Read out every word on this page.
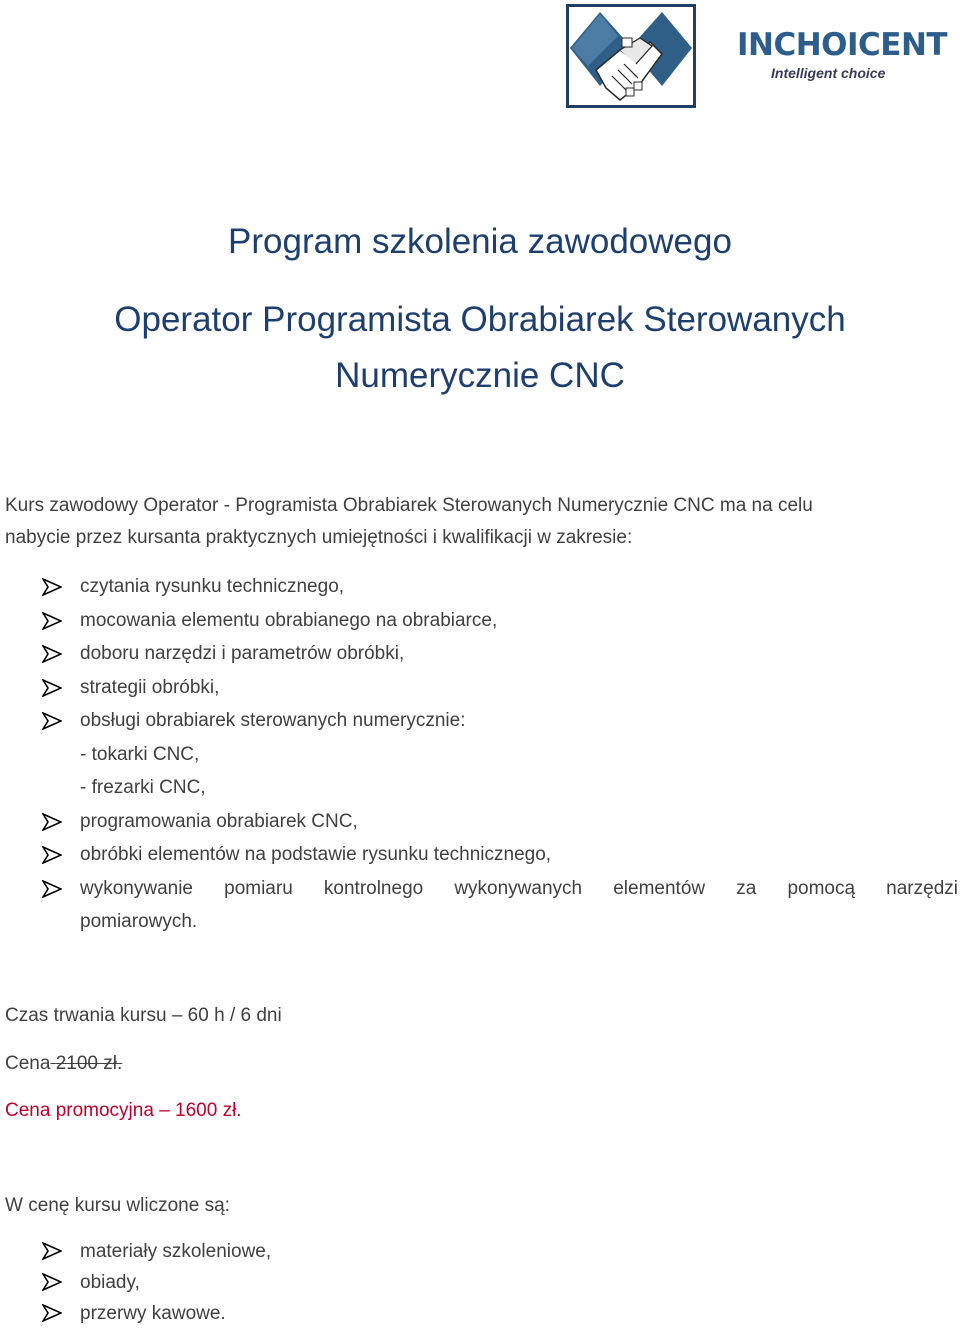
INCHOICENT
Intelligent choice
Program szkolenia zawodowego
Operator Programista Obrabiarek Sterowanych
Numerycznie CNC
Kurs zawodowy Operator - Programista Obrabiarek Sterowanych Numerycznie CNC ma na celu
nabycie przez kursanta praktycznych umiejętności i kwalifikacji w zakresie:
czytania rysunku technicznego,
mocowania elementu obrabianego na obrabiarce,
doboru narzędzi i parametrów obróbki,
strategii obróbki,
obsługi obrabiarek sterowanych numerycznie:
- tokarki CNC,
- frezarki CNC,
programowania obrabiarek CNC,
obróbki elementów na podstawie rysunku technicznego,
wykonywanie pomiaru kontrolnego wykonywanych elementów za pomocą narzędzi
pomiarowych.
Czas trwania kursu – 60 h / 6 dni
Cena 2100 zł.
Cena promocyjna – 1600 zł.
W cenę kursu wliczone są:
materiały szkoleniowe,
obiady,
przerwy kawowe.
